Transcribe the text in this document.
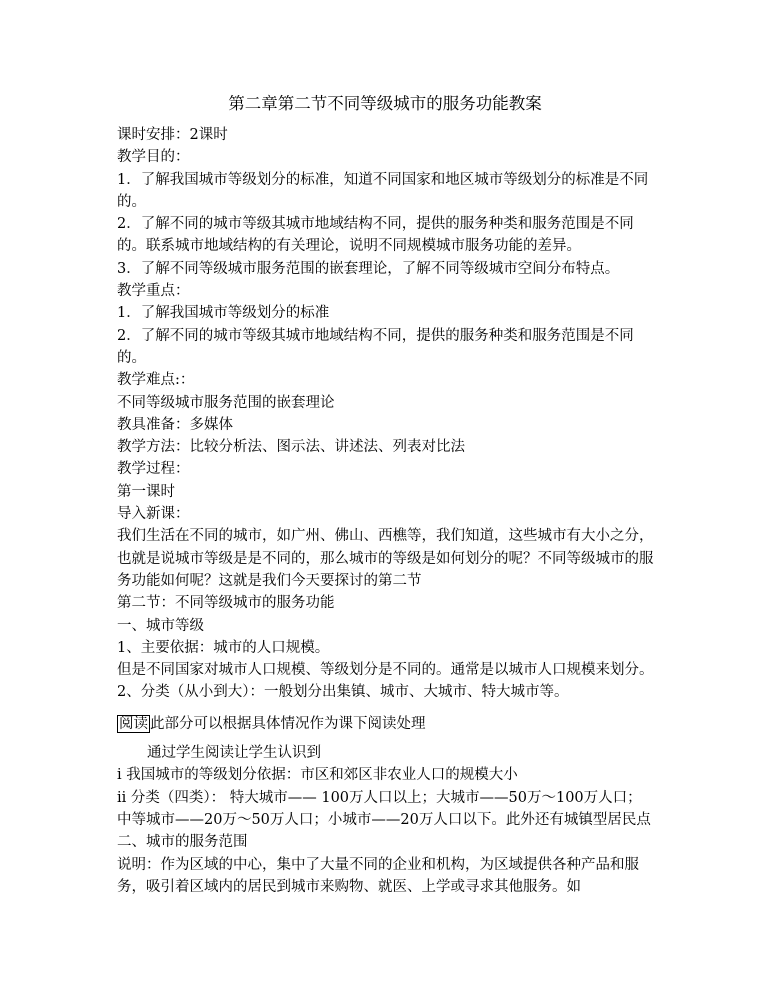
第二章第二节不同等级城市的服务功能教案

课时安排：2课时

教学目的：

1．了解我国城市等级划分的标准，知道不同国家和地区城市等级划分的标准是不同的。

2．了解不同的城市等级其城市地域结构不同，提供的服务种类和服务范围是不同的。联系城市地域结构的有关理论，说明不同规模城市服务功能的差异。

3．了解不同等级城市服务范围的嵌套理论，了解不同等级城市空间分布特点。

教学重点：

1．了解我国城市等级划分的标准

2．了解不同的城市等级其城市地域结构不同，提供的服务种类和服务范围是不同的。

教学难点:：

不同等级城市服务范围的嵌套理论

教具准备：多媒体

教学方法：比较分析法、图示法、讲述法、列表对比法

教学过程：

第一课时

导入新课：

我们生活在不同的城市，如广州、佛山、西樵等，我们知道，这些城市有大小之分，也就是说城市等级是是不同的，那么城市的等级是如何划分的呢？不同等级城市的服务功能如何呢？这就是我们今天要探讨的第二节

第二节：不同等级城市的服务功能

一、城市等级

1、主要依据：城市的人口规模。

但是不同国家对城市人口规模、等级划分是不同的。通常是以城市人口规模来划分。

2、分类（从小到大）：一般划分出集镇、城市、大城市、特大城市等。

阅读 此部分可以根据具体情况作为课下阅读处理

通过学生阅读让学生认识到

i 我国城市的等级划分依据：市区和郊区非农业人口的规模大小

ii 分类（四类）： 特大城市—— 100万人口以上；大城市——50万～100万人口；　　中等城市——20万～50万人口；小城市——20万人口以下。此外还有城镇型居民点

二、城市的服务范围

说明：作为区域的中心，集中了大量不同的企业和机构，为区域提供各种产品和服务，吸引着区域内的居民到城市来购物、就医、上学或寻求其他服务。如
